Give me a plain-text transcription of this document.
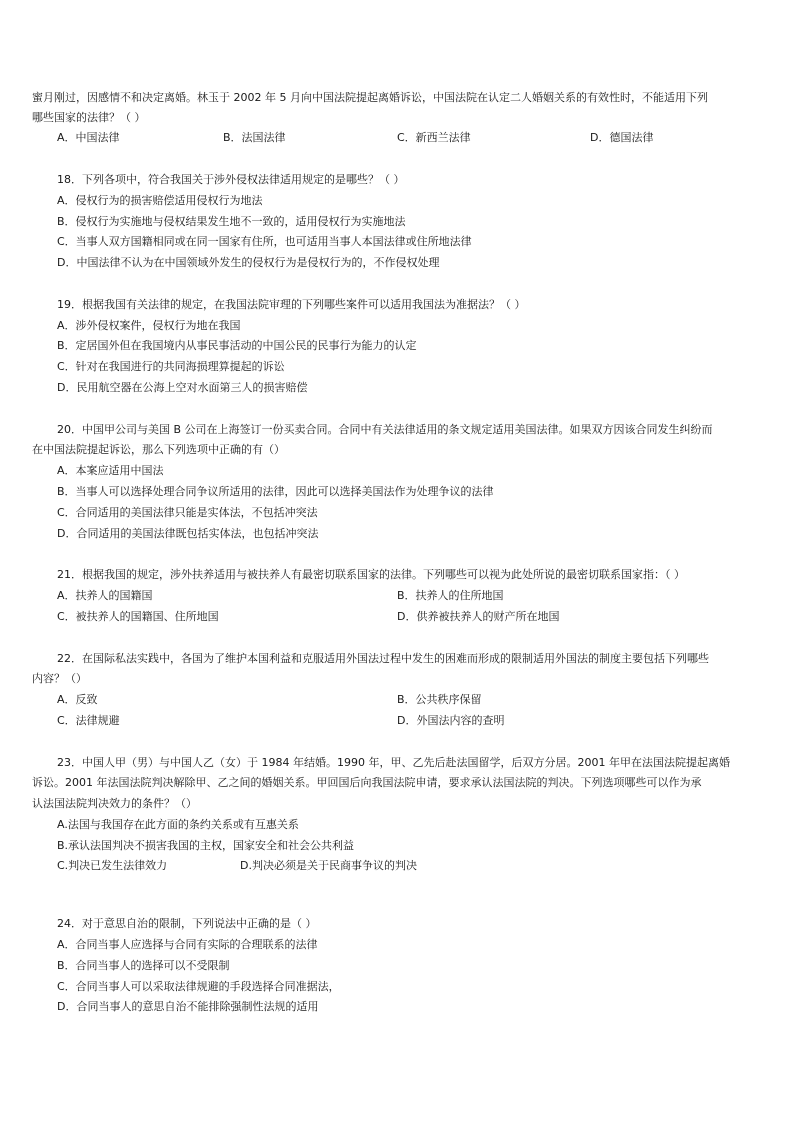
蜜月刚过，因感情不和决定离婚。林玉于 2002 年 5 月向中国法院提起离婚诉讼，中国法院在认定二人婚姻关系的有效性时，不能适用下列
哪些国家的法律？（ ）
A．中国法律	B．法国法律	C．新西兰法律	D．德国法律
18．下列各项中，符合我国关于涉外侵权法律适用规定的是哪些？（ ）
A．侵权行为的损害赔偿适用侵权行为地法
B．侵权行为实施地与侵权结果发生地不一致的，适用侵权行为实施地法
C．当事人双方国籍相同或在同一国家有住所，也可适用当事人本国法律或住所地法律
D．中国法律不认为在中国领域外发生的侵权行为是侵权行为的，不作侵权处理
19．根据我国有关法律的规定，在我国法院审理的下列哪些案件可以适用我国法为准据法？（ ）
A．涉外侵权案件，侵权行为地在我国
B．定居国外但在我国境内从事民事活动的中国公民的民事行为能力的认定
C．针对在我国进行的共同海损理算提起的诉讼
D．民用航空器在公海上空对水面第三人的损害赔偿
20．中国甲公司与美国 B 公司在上海签订一份买卖合同。合同中有关法律适用的条文规定适用美国法律。如果双方因该合同发生纠纷而
在中国法院提起诉讼，那么下列选项中正确的有（）
A．本案应适用中国法
B．当事人可以选择处理合同争议所适用的法律，因此可以选择美国法作为处理争议的法律
C．合同适用的美国法律只能是实体法，不包括冲突法
D．合同适用的美国法律既包括实体法，也包括冲突法
21．根据我国的规定，涉外扶养适用与被扶养人有最密切联系国家的法律。下列哪些可以视为此处所说的最密切联系国家指：（ ）
A．扶养人的国籍国	B．扶养人的住所地国
C．被扶养人的国籍国、住所地国	D．供养被扶养人的财产所在地国
22．在国际私法实践中，各国为了维护本国利益和克服适用外国法过程中发生的困难而形成的限制适用外国法的制度主要包括下列哪些
内容？（）
A．反致	B．公共秩序保留
C．法律规避	D．外国法内容的查明
23．中国人甲（男）与中国人乙（女）于 1984 年结婚。1990 年，甲、乙先后赴法国留学，后双方分居。2001 年甲在法国法院提起离婚
诉讼。2001 年法国法院判决解除甲、乙之间的婚姻关系。甲回国后向我国法院申请，要求承认法国法院的判决。下列选项哪些可以作为承
认法国法院判决效力的条件？（）
A.法国与我国存在此方面的条约关系或有互惠关系
B.承认法国判决不损害我国的主权，国家安全和社会公共利益
C.判决已发生法律效力	D.判决必须是关于民商事争议的判决
24．对于意思自治的限制，下列说法中正确的是（ ）
A．合同当事人应选择与合同有实际的合理联系的法律
B．合同当事人的选择可以不受限制
C．合同当事人可以采取法律规避的手段选择合同准据法，
D．合同当事人的意思自治不能排除强制性法规的适用
